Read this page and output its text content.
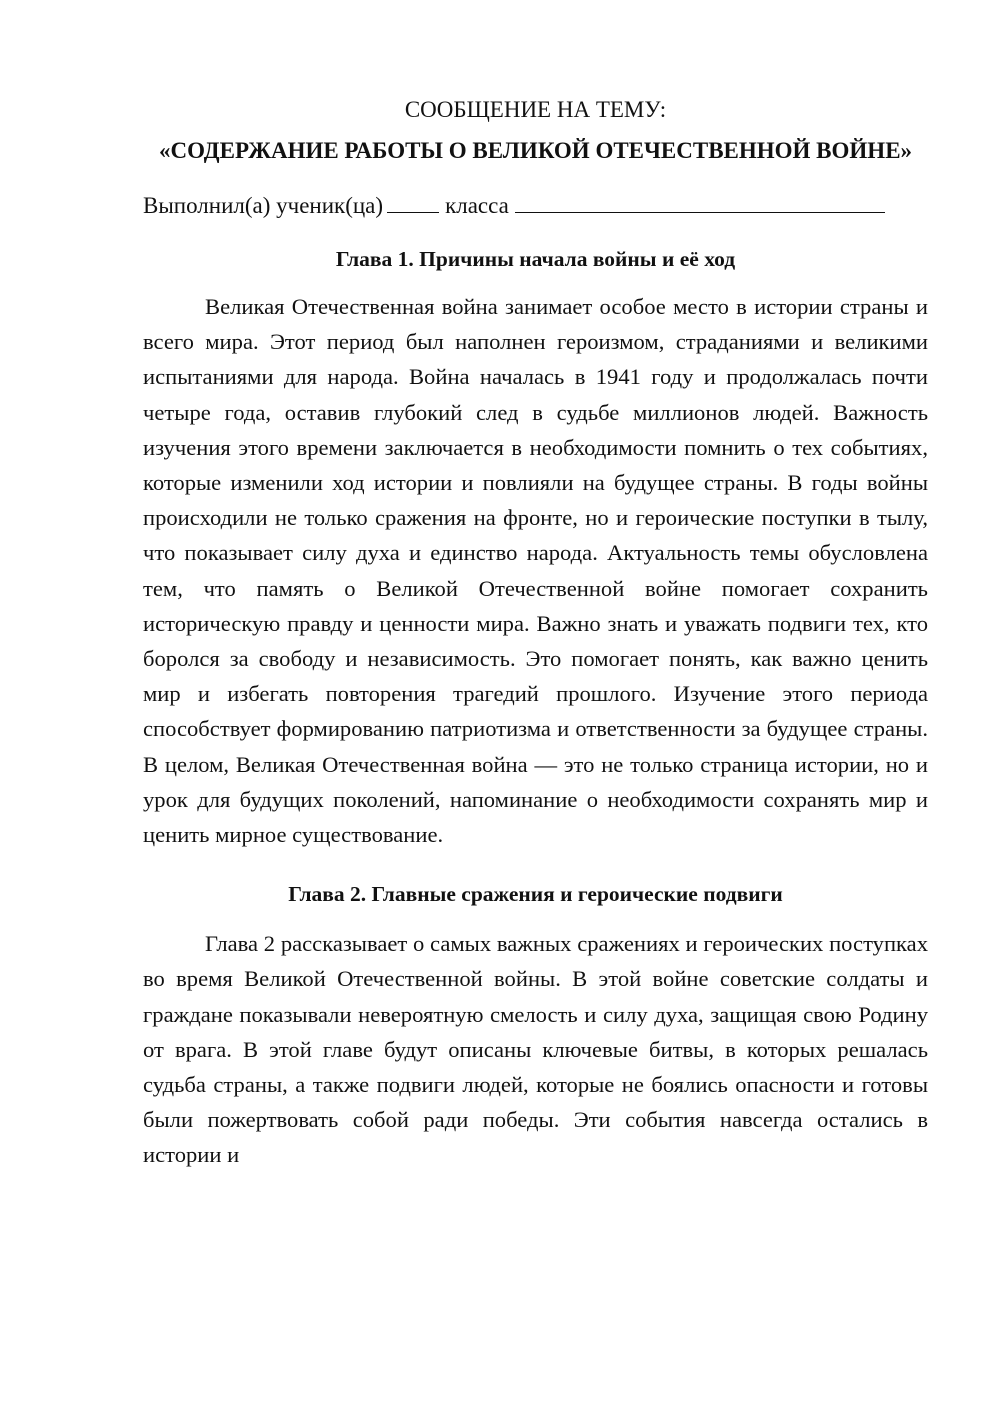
СООБЩЕНИЕ НА ТЕМУ:

«СОДЕРЖАНИЕ РАБОТЫ О ВЕЛИКОЙ ОТЕЧЕСТВЕННОЙ ВОЙНЕ»

Выполнил(а) ученик(ца)	класса

Глава 1. Причины начала войны и её ход

Великая Отечественная война занимает особое место в истории страны и всего мира. Этот период был наполнен героизмом, страданиями и великими испытаниями для народа. Война началась в 1941 году и продолжалась почти четыре года, оставив глубокий след в судьбе миллионов людей. Важность изучения этого времени заключается в необходимости помнить о тех событиях, которые изменили ход истории и повлияли на будущее страны. В годы войны происходили не только сражения на фронте, но и героические поступки в тылу, что показывает силу духа и единство народа. Актуальность темы обусловлена тем, что память о Великой Отечественной войне помогает сохранить историческую правду и ценности мира. Важно знать и уважать подвиги тех, кто боролся за свободу и независимость. Это помогает понять, как важно ценить мир и избегать повторения трагедий прошлого. Изучение этого периода способствует формированию патриотизма и ответственности за будущее страны. В целом, Великая Отечественная война — это не только страница истории, но и урок для будущих поколений, напоминание о необходимости сохранять мир и ценить мирное существование.

Глава 2. Главные сражения и героические подвиги

Глава 2 рассказывает о самых важных сражениях и героических поступках во время Великой Отечественной войны. В этой войне советские солдаты и граждане показывали невероятную смелость и силу духа, защищая свою Родину от врага. В этой главе будут описаны ключевые битвы, в которых решалась судьба страны, а также подвиги людей, которые не боялись опасности и готовы были пожертвовать собой ради победы. Эти события навсегда остались в истории и
